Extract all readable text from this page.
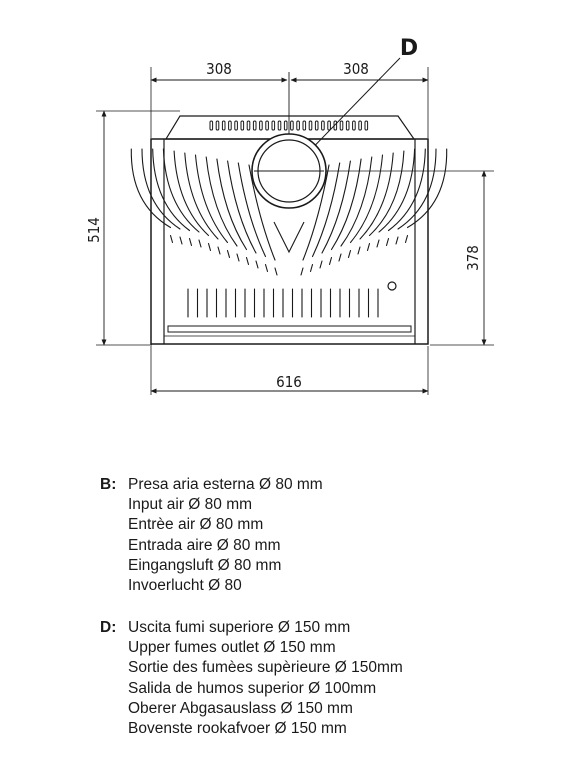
308	308
616
514
378
D
B: Presa aria esterna Ø 80 mm
Input air Ø 80 mm
Entrèe air Ø 80 mm
Entrada aire Ø 80 mm
Eingangsluft Ø 80 mm
Invoerlucht Ø 80
D: Uscita fumi superiore Ø 150 mm
Upper fumes outlet Ø 150 mm
Sortie des fumèes supèrieure Ø 150mm
Salida de humos superior Ø 100mm
Oberer Abgasauslass Ø 150 mm
Bovenste rookafvoer Ø 150 mm
